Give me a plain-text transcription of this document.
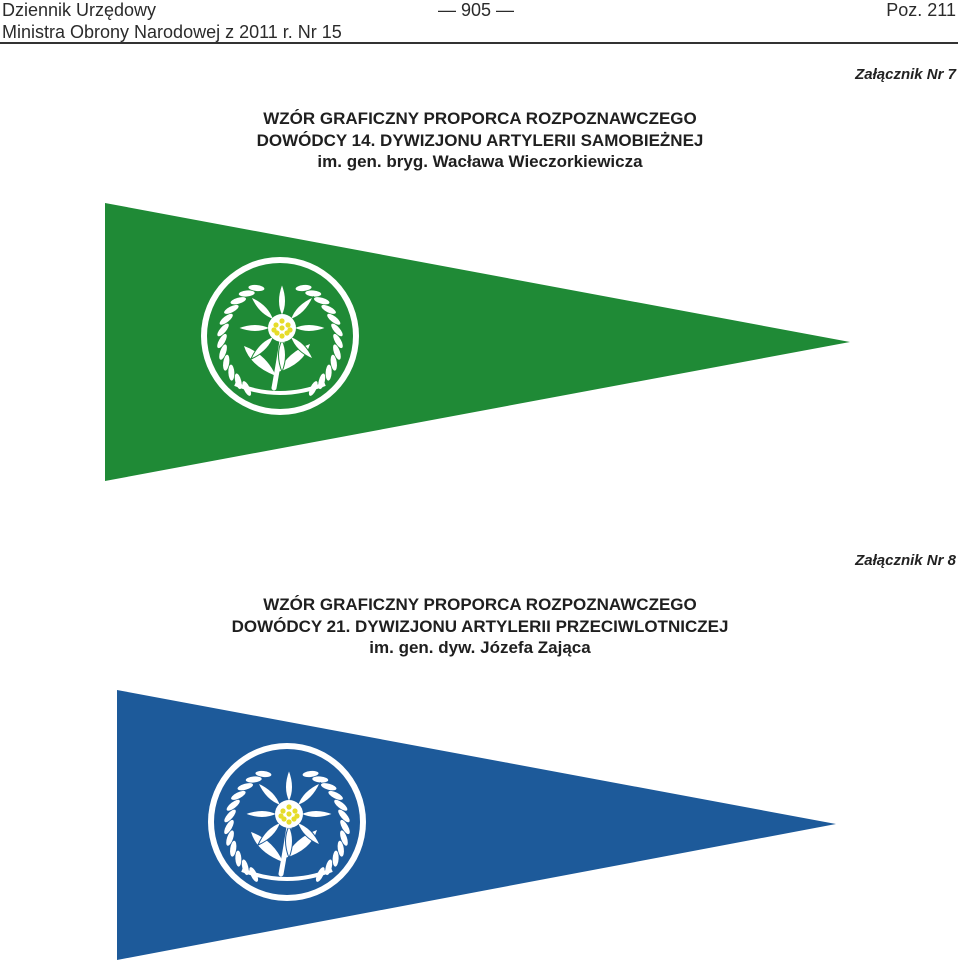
Dziennik Urzędowy	— 905 —	Poz. 211
Ministra Obrony Narodowej z 2011 r. Nr 15
Załącznik Nr 7
WZÓR GRAFICZNY PROPORCA ROZPOZNAWCZEGO
DOWÓDCY 14. DYWIZJONU ARTYLERII SAMOBIEŻNEJ
im. gen. bryg. Wacława Wieczorkiewicza
Załącznik Nr 8
WZÓR GRAFICZNY PROPORCA ROZPOZNAWCZEGO
DOWÓDCY 21. DYWIZJONU ARTYLERII PRZECIWLOTNICZEJ
im. gen. dyw. Józefa Zająca
